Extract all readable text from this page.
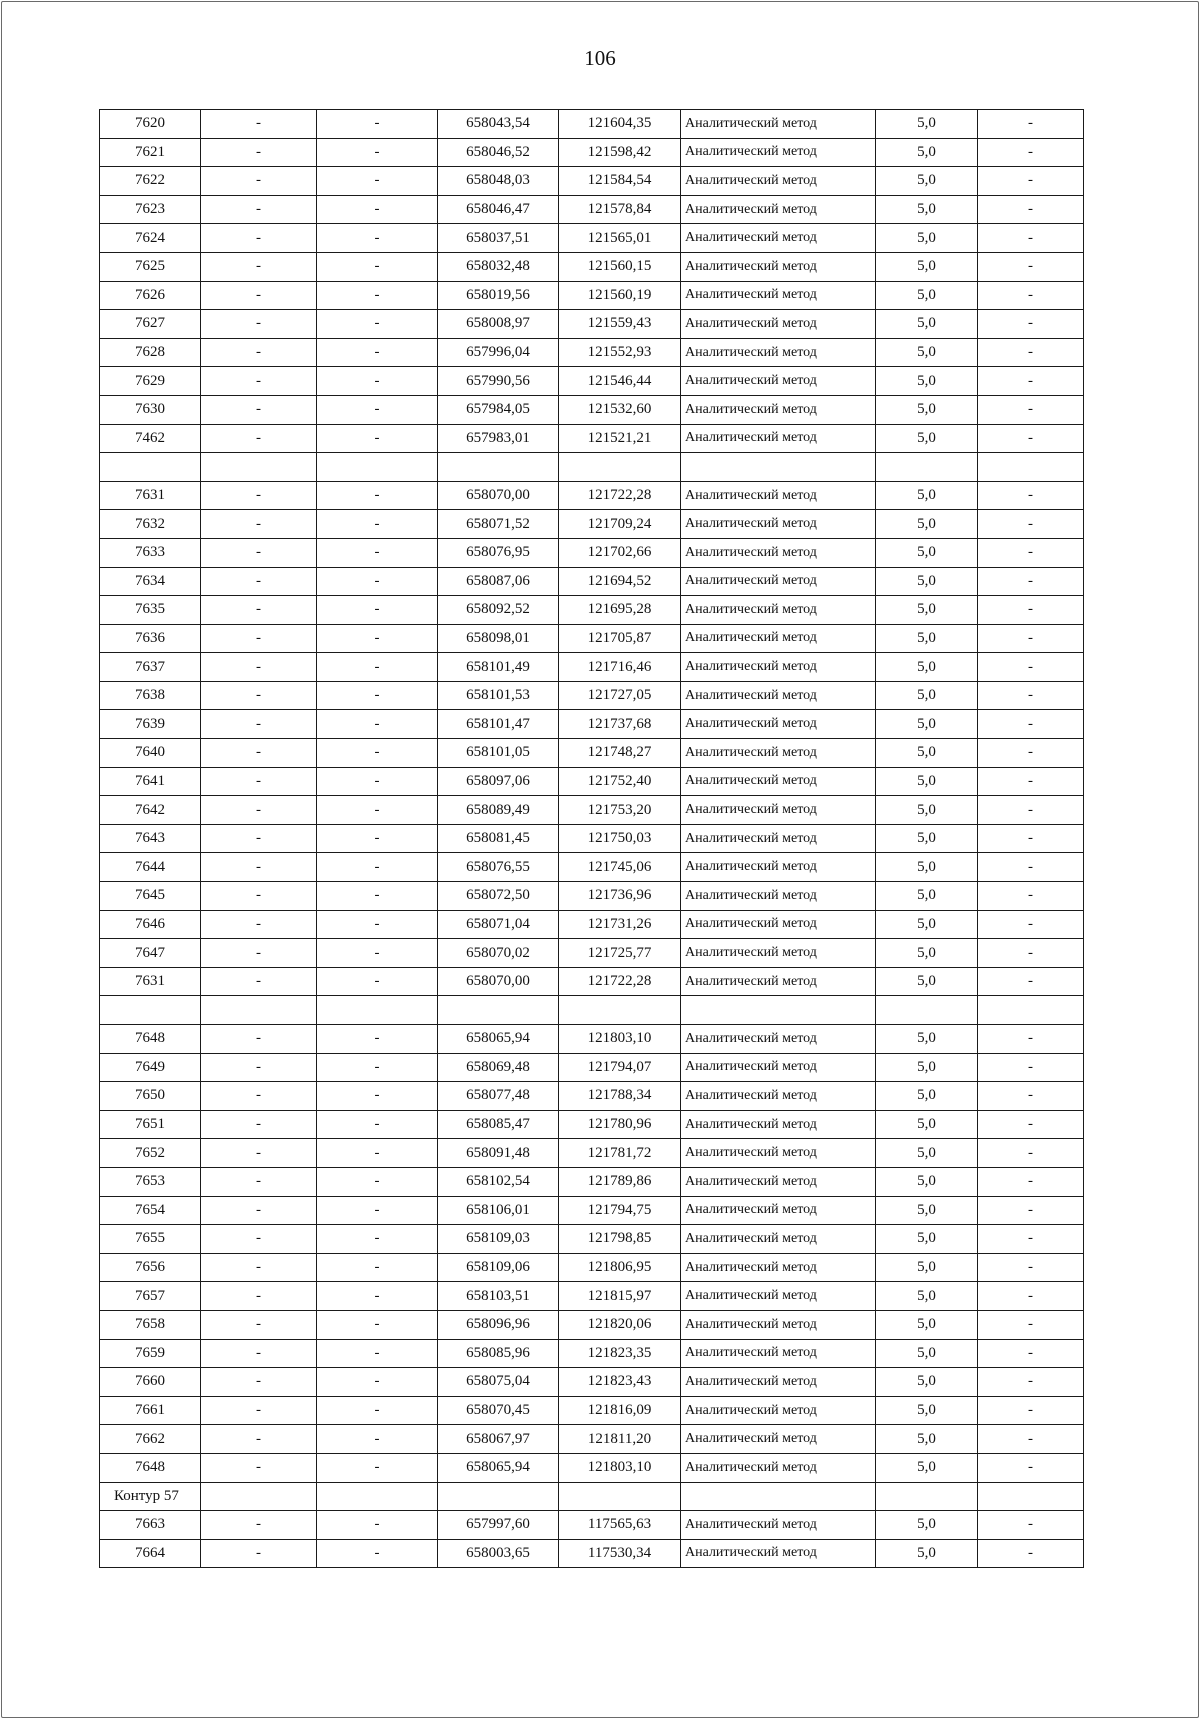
106
7620	-	-	658043,54	121604,35	Аналитический метод	5,0	-
7621	-	-	658046,52	121598,42	Аналитический метод	5,0	-
7622	-	-	658048,03	121584,54	Аналитический метод	5,0	-
7623	-	-	658046,47	121578,84	Аналитический метод	5,0	-
7624	-	-	658037,51	121565,01	Аналитический метод	5,0	-
7625	-	-	658032,48	121560,15	Аналитический метод	5,0	-
7626	-	-	658019,56	121560,19	Аналитический метод	5,0	-
7627	-	-	658008,97	121559,43	Аналитический метод	5,0	-
7628	-	-	657996,04	121552,93	Аналитический метод	5,0	-
7629	-	-	657990,56	121546,44	Аналитический метод	5,0	-
7630	-	-	657984,05	121532,60	Аналитический метод	5,0	-
7462	-	-	657983,01	121521,21	Аналитический метод	5,0	-

7631	-	-	658070,00	121722,28	Аналитический метод	5,0	-
7632	-	-	658071,52	121709,24	Аналитический метод	5,0	-
7633	-	-	658076,95	121702,66	Аналитический метод	5,0	-
7634	-	-	658087,06	121694,52	Аналитический метод	5,0	-
7635	-	-	658092,52	121695,28	Аналитический метод	5,0	-
7636	-	-	658098,01	121705,87	Аналитический метод	5,0	-
7637	-	-	658101,49	121716,46	Аналитический метод	5,0	-
7638	-	-	658101,53	121727,05	Аналитический метод	5,0	-
7639	-	-	658101,47	121737,68	Аналитический метод	5,0	-
7640	-	-	658101,05	121748,27	Аналитический метод	5,0	-
7641	-	-	658097,06	121752,40	Аналитический метод	5,0	-
7642	-	-	658089,49	121753,20	Аналитический метод	5,0	-
7643	-	-	658081,45	121750,03	Аналитический метод	5,0	-
7644	-	-	658076,55	121745,06	Аналитический метод	5,0	-
7645	-	-	658072,50	121736,96	Аналитический метод	5,0	-
7646	-	-	658071,04	121731,26	Аналитический метод	5,0	-
7647	-	-	658070,02	121725,77	Аналитический метод	5,0	-
7631	-	-	658070,00	121722,28	Аналитический метод	5,0	-

7648	-	-	658065,94	121803,10	Аналитический метод	5,0	-
7649	-	-	658069,48	121794,07	Аналитический метод	5,0	-
7650	-	-	658077,48	121788,34	Аналитический метод	5,0	-
7651	-	-	658085,47	121780,96	Аналитический метод	5,0	-
7652	-	-	658091,48	121781,72	Аналитический метод	5,0	-
7653	-	-	658102,54	121789,86	Аналитический метод	5,0	-
7654	-	-	658106,01	121794,75	Аналитический метод	5,0	-
7655	-	-	658109,03	121798,85	Аналитический метод	5,0	-
7656	-	-	658109,06	121806,95	Аналитический метод	5,0	-
7657	-	-	658103,51	121815,97	Аналитический метод	5,0	-
7658	-	-	658096,96	121820,06	Аналитический метод	5,0	-
7659	-	-	658085,96	121823,35	Аналитический метод	5,0	-
7660	-	-	658075,04	121823,43	Аналитический метод	5,0	-
7661	-	-	658070,45	121816,09	Аналитический метод	5,0	-
7662	-	-	658067,97	121811,20	Аналитический метод	5,0	-
7648	-	-	658065,94	121803,10	Аналитический метод	5,0	-
Контур 57							
7663	-	-	657997,60	117565,63	Аналитический метод	5,0	-
7664	-	-	658003,65	117530,34	Аналитический метод	5,0	-
